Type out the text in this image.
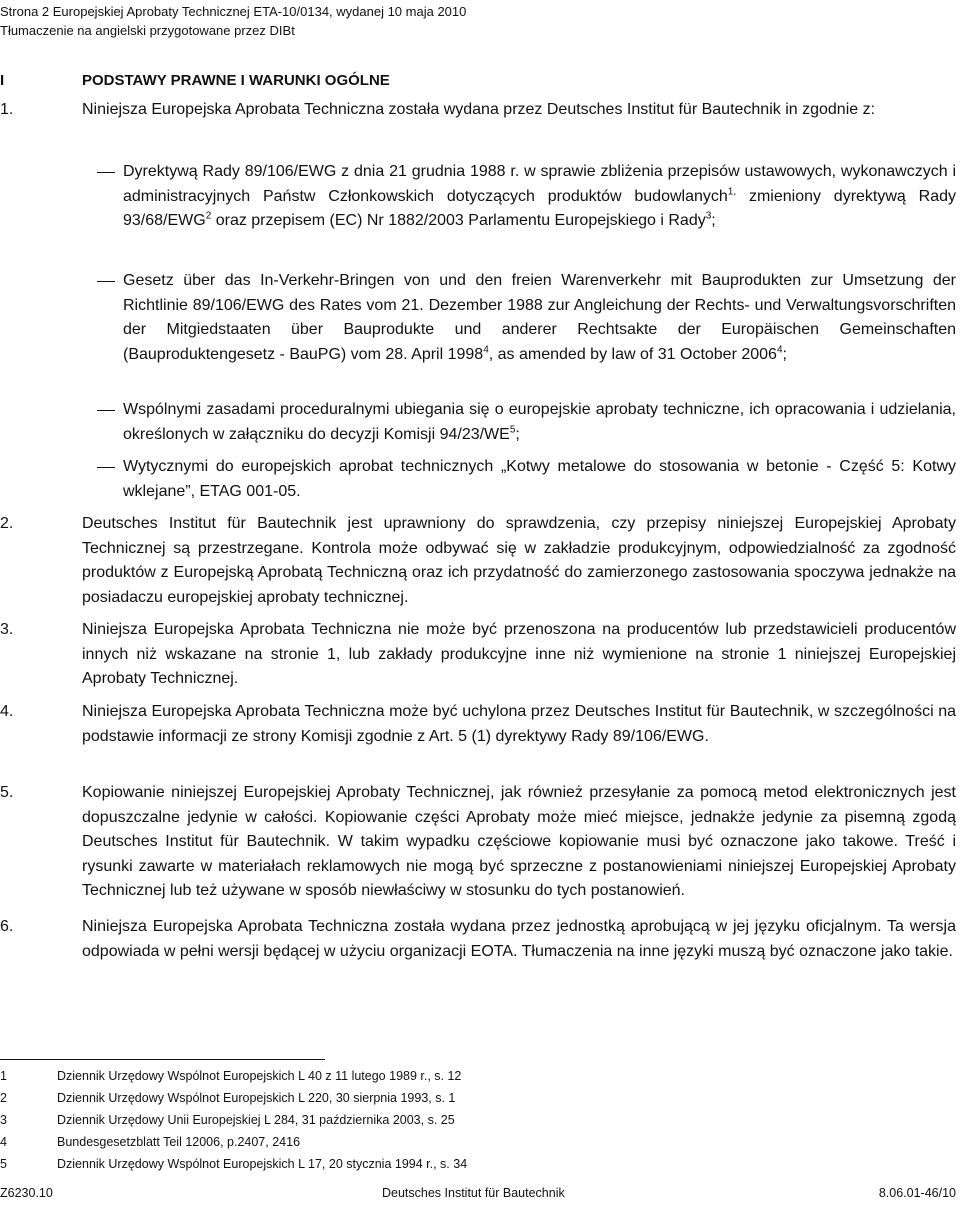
Strona 2 Europejskiej Aprobaty Technicznej ETA-10/0134, wydanej 10 maja 2010
Tłumaczenie na angielski przygotowane przez DIBt
I	PODSTAWY PRAWNE I WARUNKI OGÓLNE
1.	Niniejsza Europejska Aprobata Techniczna została wydana przez Deutsches Institut für Bautechnik in zgodnie z:
Dyrektywą Rady 89/106/EWG z dnia 21 grudnia 1988 r. w sprawie zbliżenia przepisów ustawowych, wykonawczych i administracyjnych Państw Członkowskich dotyczących produktów budowlanych$^{1,}$ zmieniony dyrektywą Rady 93/68/EWG$^2$ oraz przepisem (EC) Nr 1882/2003 Parlamentu Europejskiego i Rady$^3$;
Gesetz über das In-Verkehr-Bringen von und den freien Warenverkehr mit Bauprodukten zur Umsetzung der Richtlinie 89/106/EWG des Rates vom 21. Dezember 1988 zur Angleichung der Rechts- und Verwaltungsvorschriften der Mitgiedstaaten über Bauprodukte und anderer Rechtsakte der Europäischen Gemeinschaften (Bauproduktengesetz - BauPG) vom 28. April 1998$^4$, as amended by law of 31 October 2006$^4$;
Wspólnymi zasadami proceduralnymi ubiegania się o europejskie aprobaty techniczne, ich opracowania i udzielania, określonych w załączniku do decyzji Komisji $94/23/WE^5$;
Wytycznymi do europejskich aprobat technicznych „Kotwy metalowe do stosowania w betonie - Część 5: Kotwy wklejane”, ETAG 001-05.
2.	Deutsches Institut für Bautechnik jest uprawniony do sprawdzenia, czy przepisy niniejszej Europejskiej Aprobaty Technicznej są przestrzegane. Kontrola może odbywać się w zakładzie produkcyjnym, odpowiedzialność za zgodność produktów z Europejską Aprobatą Techniczną oraz ich przydatność do zamierzonego zastosowania spoczywa jednakże na posiadaczu europejskiej aprobaty technicznej.
3.	Niniejsza Europejska Aprobata Techniczna nie może być przenoszona na producentów lub przedstawicieli producentów innych niż wskazane na stronie 1, lub zakłady produkcyjne inne niż wymienione na stronie 1 niniejszej Europejskiej Aprobaty Technicznej.
4.	Niniejsza Europejska Aprobata Techniczna może być uchylona przez Deutsches Institut für Bautechnik, w szczególności na podstawie informacji ze strony Komisji zgodnie z Art. 5 (1) dyrektywy Rady 89/106/EWG.
5.	Kopiowanie niniejszej Europejskiej Aprobaty Technicznej, jak również przesyłanie za pomocą metod elektronicznych jest dopuszczalne jedynie w całości. Kopiowanie części Aprobaty może mieć miejsce, jednakże jedynie za pisemną zgodą Deutsches Institut für Bautechnik. W takim wypadku częściowe kopiowanie musi być oznaczone jako takowe. Treść i rysunki zawarte w materiałach reklamowych nie mogą być sprzeczne z postanowieniami niniejszej Europejskiej Aprobaty Technicznej lub też używane w sposób niewłaściwy w stosunku do tych postanowień.
6.	Niniejsza Europejska Aprobata Techniczna została wydana przez jednostką aprobującą w jej języku oficjalnym. Ta wersja odpowiada w pełni wersji będącej w użyciu organizacji EOTA. Tłumaczenia na inne języki muszą być oznaczone jako takie.
1	Dziennik Urzędowy Wspólnot Europejskich L 40 z 11 lutego 1989 r., s. 12
2	Dziennik Urzędowy Wspólnot Europejskich L 220, 30 sierpnia 1993, s. 1
3	Dziennik Urzędowy Unii Europejskiej L 284, 31 października 2003, s. 25
4	Bundesgesetzblatt Teil 12006, p.2407, 2416
5	Dziennik Urzędowy Wspólnot Europejskich L 17, 20 stycznia 1994 r., s. 34
Z6230.10	Deutsches Institut für Bautechnik	8.06.01-46/10
